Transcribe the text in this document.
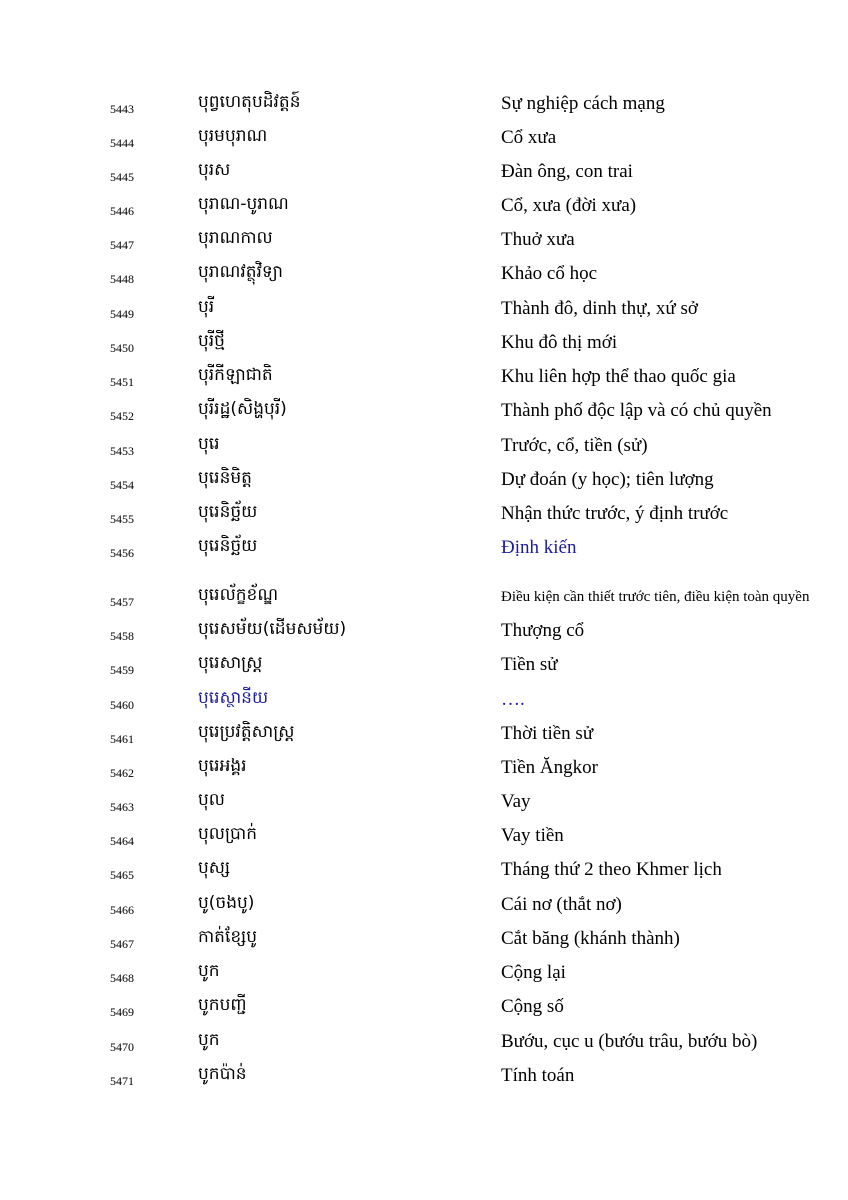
5443	បុព្វហេតុបដិវត្តន៍	Sự nghiệp cách mạng
5444	បុរមបុរាណ	Cổ xưa
5445	បុរស	Đàn ông, con trai
5446	បុរាណ-បូរាណ	Cổ, xưa (đời xưa)
5447	បុរាណកាល	Thuở xưa
5448	បុរាណវត្ថុវិទ្យា	Khảo cổ học
5449	បុរី	Thành đô, dinh thự, xứ sở
5450	បុរីថ្មី	Khu đô thị mới
5451	បុរីកីឡាជាតិ	Khu liên hợp thể thao quốc gia
5452	បុរីរដ្ឋ(សិង្ហបុរី)	Thành phố độc lập và có chủ quyền
5453	បុរេ	Trước, cổ, tiền (sử)
5454	បុរេនិមិត្ត	Dự đoán (y học); tiên lượng
5455	បុរេនិច្ឆ័យ	Nhận thức trước, ý định trước
5456	បុរេនិច្ឆ័យ	Định kiến
5457	បុរេល័ក្ខខ័ណ្ឌ	Điều kiện cần thiết trước tiên, điều kiện toàn quyền
5458	បុរេសម័យ(ដើមសម័យ)	Thượng cổ
5459	បុរេសាស្ត្រ	Tiền sử
5460	បុរេស្ថានីយ	….
5461	បុរេប្រវត្តិសាស្ត្រ	Thời tiền sử
5462	បុរេអង្គរ	Tiền Ăngkor
5463	បុល	Vay
5464	បុលប្រាក់	Vay tiền
5465	បុស្ស	Tháng thứ 2 theo Khmer lịch
5466	បូ(ចងបូ)	Cái nơ (thắt nơ)
5467	កាត់ខ្សែបូ	Cắt băng (khánh thành)
5468	បូក	Cộng lại
5469	បូកបញ្ជី	Cộng số
5470	បូក	Bướu, cục u (bướu trâu, bướu bò)
5471	បូកប៉ាន់	Tính toán
